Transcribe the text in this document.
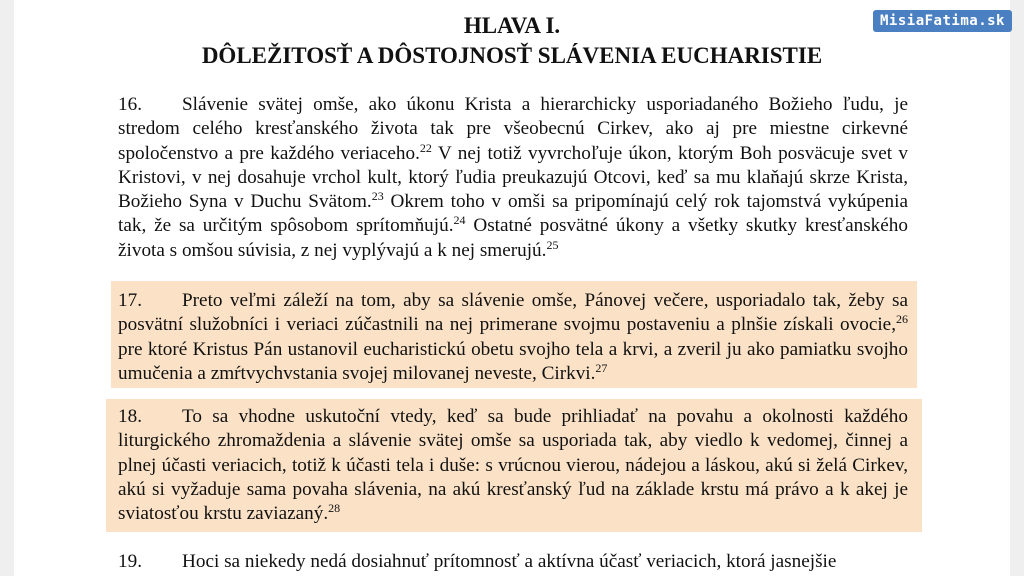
HLAVA I.
DÔLEŽITOSŤ A DÔSTOJNOSŤ SLÁVENIA EUCHARISTIE
16. Slávenie svätej omše, ako úkonu Krista a hierarchicky usporiadaného Božieho ľudu, je stredom celého kresťanského života tak pre všeobecnú Cirkev, ako aj pre miestne cirkevné spoločenstvo a pre každého veriaceho.$^{22}$ V nej totiž vyvrchoľuje úkon, ktorým Boh posväcuje svet v Kristovi, v nej dosahuje vrchol kult, ktorý ľudia preukazujú Otcovi, keď sa mu klaňajú skrze Krista, Božieho Syna v Duchu Svätom.$^{23}$ Okrem toho v omši sa pripomínajú celý rok tajomstvá vykúpenia tak, že sa určitým spôsobom sprítomňujú.$^{24}$ Ostatné posvätné úkony a všetky skutky kresťanského života s omšou súvisia, z nej vyplývajú a k nej smerujú.$^{25}$
17. Preto veľmi záleží na tom, aby sa slávenie omše, Pánovej večere, usporiadalo tak, žeby sa posvätní služobníci i veriaci zúčastnili na nej primerane svojmu postaveniu a plnšie získali ovocie,$^{26}$ pre ktoré Kristus Pán ustanovil eucharistickú obetu svojho tela a krvi, a zveril ju ako pamiatku svojho umučenia a zmŕtvychvstania svojej milovanej neveste, Cirkvi.$^{27}$
18. To sa vhodne uskutoční vtedy, keď sa bude prihliadať na povahu a okolnosti každého liturgického zhromaždenia a slávenie svätej omše sa usporiada tak, aby viedlo k vedomej, činnej a plnej účasti veriacich, totiž k účasti tela i duše: s vrúcnou vierou, nádejou a láskou, akú si želá Cirkev, akú si vyžaduje sama povaha slávenia, na akú kresťanský ľud na základe krstu má právo a k akej je sviatosťou krstu zaviazaný.$^{28}$
19. Hoci sa niekedy nedá dosiahnuť prítomnosť a aktívna účasť veriacich, ktorá jasnejšie
MisiaFatima.sk
